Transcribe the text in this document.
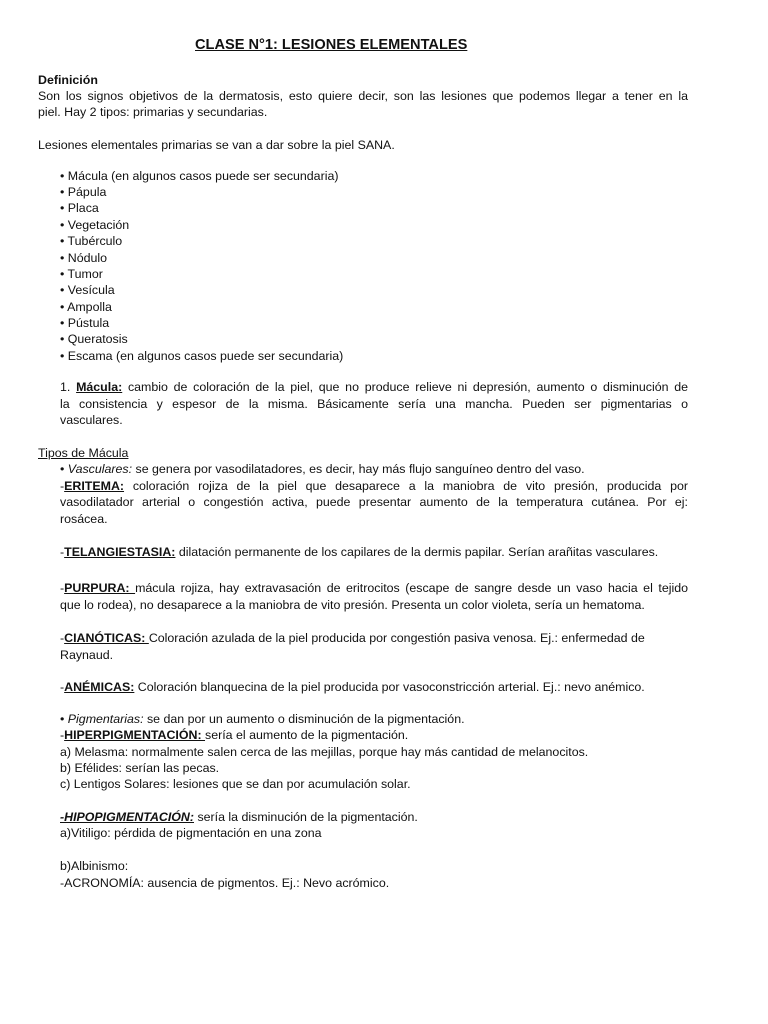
CLASE N°1: LESIONES ELEMENTALES
Definición
Son los signos objetivos de la dermatosis, esto quiere decir, son las lesiones que podemos llegar a tener en la
piel. Hay 2 tipos: primarias y secundarias.
Lesiones elementales primarias se van a dar sobre la piel SANA.
• Mácula (en algunos casos puede ser secundaria)
• Pápula
• Placa
• Vegetación
• Tubérculo
• Nódulo
• Tumor
• Vesícula
• Ampolla
• Pústula
• Queratosis
• Escama (en algunos casos puede ser secundaria)
1. Mácula: cambio de coloración de la piel, que no produce relieve ni depresión, aumento o disminución de
la consistencia y espesor de la misma. Básicamente sería una mancha. Pueden ser pigmentarias o
vasculares.
Tipos de Mácula
• Vasculares: se genera por vasodilatadores, es decir, hay más flujo sanguíneo dentro del vaso.
-ERITEMA: coloración rojiza de la piel que desaparece a la maniobra de vito presión, producida por
vasodilatador arterial o congestión activa, puede presentar aumento de la temperatura cutánea. Por ej:
rosácea.
-TELANGIESTASIA: dilatación permanente de los capilares de la dermis papilar. Serían arañitas vasculares.
-PURPURA: mácula rojiza, hay extravasación de eritrocitos (escape de sangre desde un vaso hacia el tejido
que lo rodea), no desaparece a la maniobra de vito presión. Presenta un color violeta, sería un hematoma.
-CIANÓTICAS: Coloración azulada de la piel producida por congestión pasiva venosa. Ej.: enfermedad de
Raynaud.
-ANÉMICAS: Coloración blanquecina de la piel producida por vasoconstricción arterial. Ej.: nevo anémico.
• Pigmentarias: se dan por un aumento o disminución de la pigmentación.
-HIPERPIGMENTACIÓN: sería el aumento de la pigmentación.
a) Melasma: normalmente salen cerca de las mejillas, porque hay más cantidad de melanocitos.
b) Efélides: serían las pecas.
c) Lentigos Solares: lesiones que se dan por acumulación solar.
-HIPOPIGMENTACIÓN: sería la disminución de la pigmentación.
a)Vitiligo: pérdida de pigmentación en una zona
b)Albinismo:
-ACRONOMÍA: ausencia de pigmentos. Ej.: Nevo acrómico.
